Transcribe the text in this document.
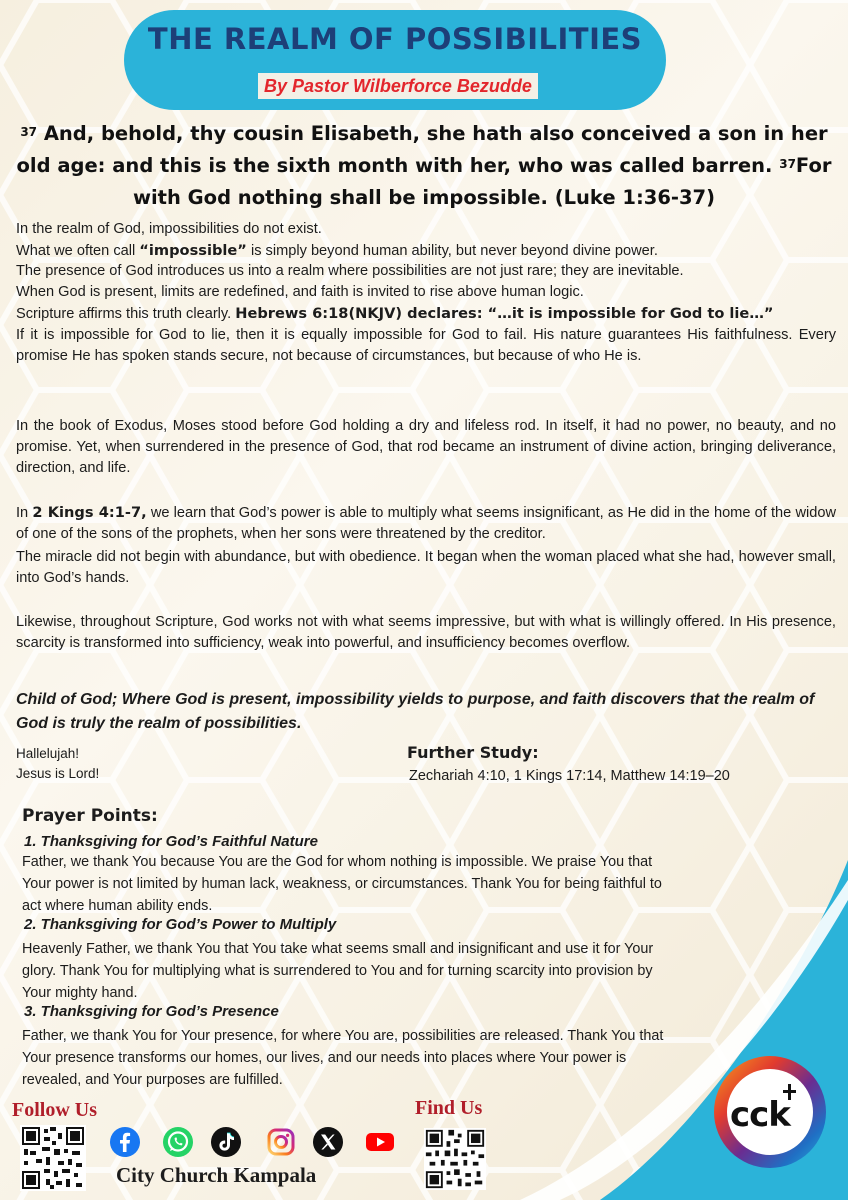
THE REALM OF POSSIBILITIES
By Pastor Wilberforce Bezudde

$^{37}$ And, behold, thy cousin Elisabeth, she hath also conceived a son in her old age: and this is the sixth month with her, who was called barren. $^{37}$For with God nothing shall be impossible. (Luke 1:36-37)

In the realm of God, impossibilities do not exist.

What we often call “impossible” is simply beyond human ability, but never beyond divine power.

The presence of God introduces us into a realm where possibilities are not just rare; they are inevitable.

When God is present, limits are redefined, and faith is invited to rise above human logic.

Scripture affirms this truth clearly. Hebrews 6:18(NKJV) declares: “…it is impossible for God to lie…”

If it is impossible for God to lie, then it is equally impossible for God to fail. His nature guarantees His faithfulness. Every promise He has spoken stands secure, not because of circumstances, but because of who He is.

In the book of Exodus, Moses stood before God holding a dry and lifeless rod. In itself, it had no power, no beauty, and no promise. Yet, when surrendered in the presence of God, that rod became an instrument of divine action, bringing deliverance, direction, and life.

In 2 Kings 4:1-7, we learn that God’s power is able to multiply what seems insignificant, as He did in the home of the widow of one of the sons of the prophets, when her sons were threatened by the creditor.

The miracle did not begin with abundance, but with obedience. It began when the woman placed what she had, however small, into God’s hands.

Likewise, throughout Scripture, God works not with what seems impressive, but with what is willingly offered. In His presence, scarcity is transformed into sufficiency, weak into powerful, and insufficiency becomes overflow.

Child of God; Where God is present, impossibility yields to purpose, and faith discovers that the realm of God is truly the realm of possibilities.

Hallelujah!
Jesus is Lord!

Further Study:
Zechariah 4:10, 1 Kings 17:14, Matthew 14:19–20
Prayer Points:
1. Thanksgiving for God’s Faithful Nature

Father, we thank You because You are the God for whom nothing is impossible. We praise You that Your power is not limited by human lack, weakness, or circumstances. Thank You for being faithful to act where human ability ends.

2. Thanksgiving for God’s Power to Multiply

Heavenly Father, we thank You that You take what seems small and insignificant and use it for Your glory. Thank You for multiplying what is surrendered to You and for turning scarcity into provision by Your mighty hand.

3. Thanksgiving for God’s Presence

Father, we thank You for Your presence, for where You are, possibilities are released. Thank You that Your presence transforms our homes, our lives, and our needs into places where Your power is revealed, and Your purposes are fulfilled.

Follow Us	Find Us
City Church Kampala
cck
